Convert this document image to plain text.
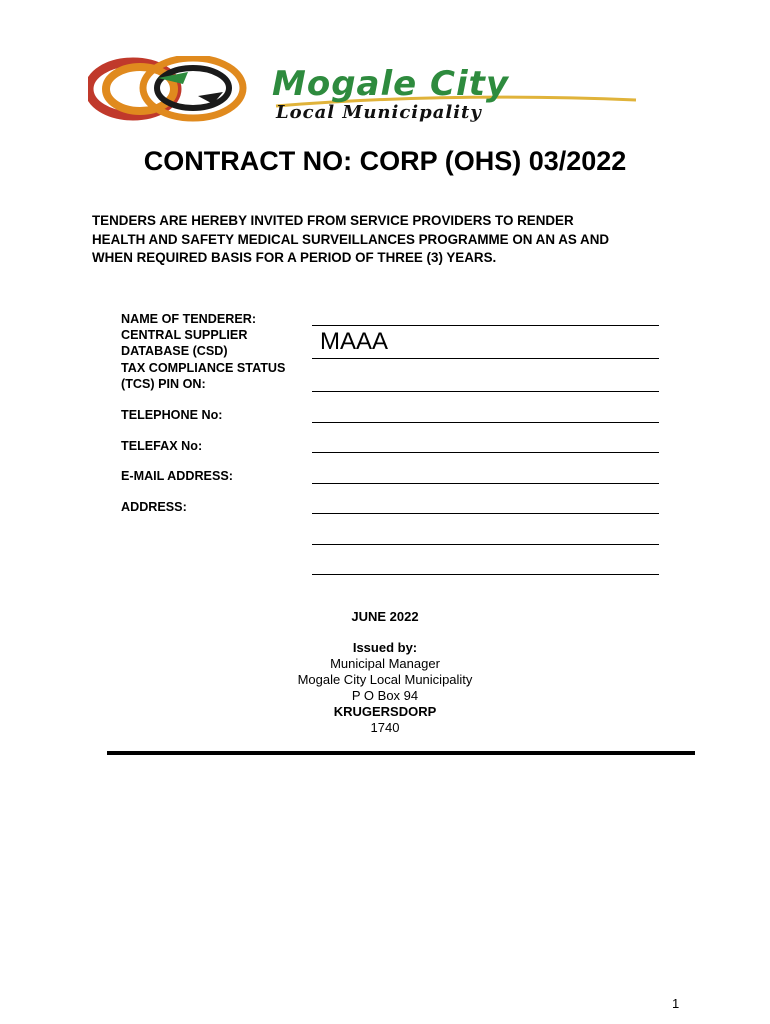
Mogale City
Local Municipality
CONTRACT NO: CORP (OHS) 03/2022
TENDERS ARE HEREBY INVITED FROM SERVICE PROVIDERS TO RENDER
HEALTH AND SAFETY MEDICAL SURVEILLANCES PROGRAMME ON AN AS AND
WHEN REQUIRED BASIS FOR A PERIOD OF THREE (3) YEARS.
NAME OF TENDERER:
CENTRAL SUPPLIER
DATABASE (CSD)
TAX COMPLIANCE STATUS
(TCS) PIN ON:
TELEPHONE No:
TELEFAX No:
E-MAIL ADDRESS:
ADDRESS:
MAAA
JUNE 2022
Issued by:
Municipal Manager
Mogale City Local Municipality
P O Box 94
KRUGERSDORP
1740
1
